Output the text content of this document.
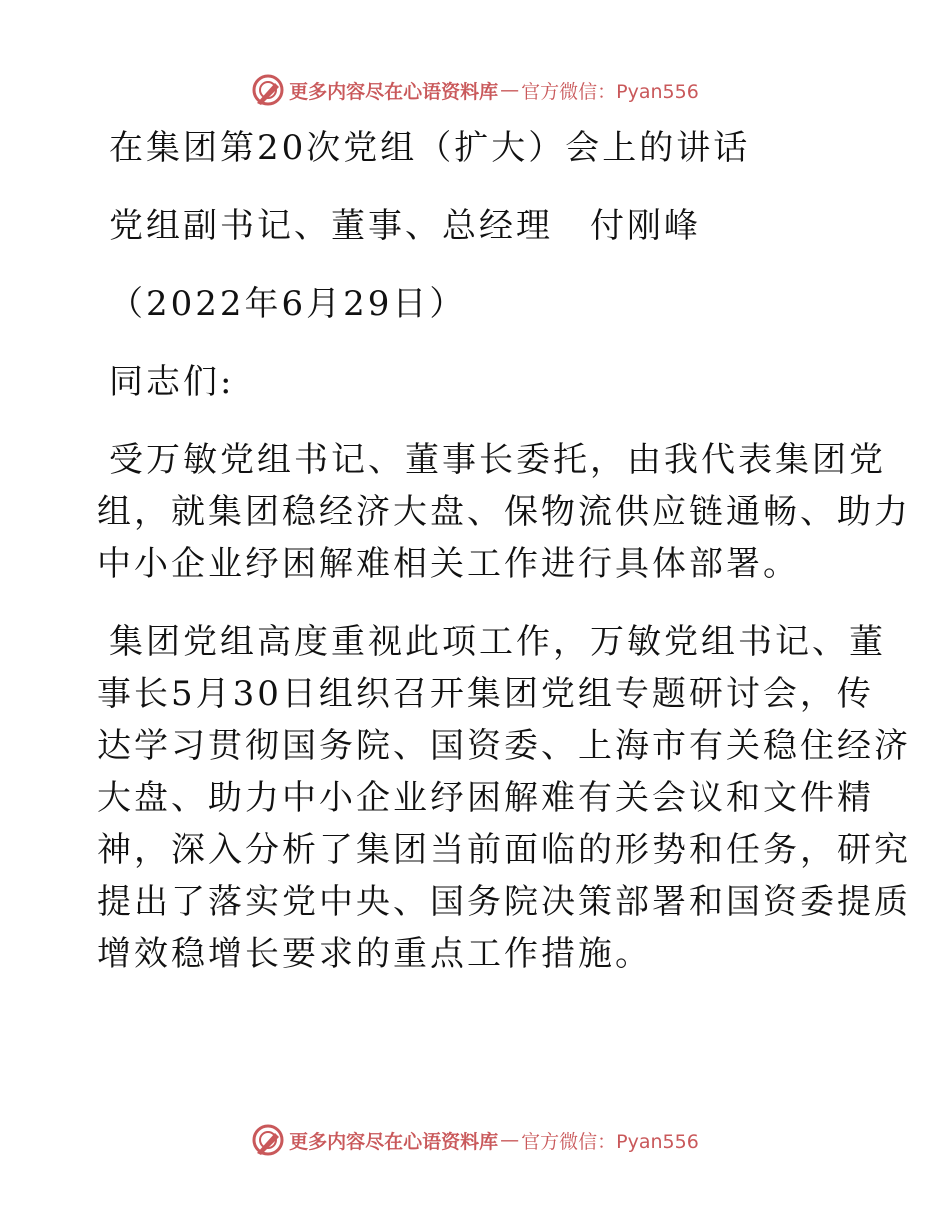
更多内容尽在心语资料库 — 官方微信：Pyan556
在集团第20次党组（扩大）会上的讲话
党组副书记、董事、总经理　付刚峰
（2022年6月29日）
同志们:
受万敏党组书记、董事长委托，由我代表集团党
组，就集团稳经济大盘、保物流供应链通畅、助力
中小企业纾困解难相关工作进行具体部署。
集团党组高度重视此项工作，万敏党组书记、董
事长5月30日组织召开集团党组专题研讨会，传
达学习贯彻国务院、国资委、上海市有关稳住经济
大盘、助力中小企业纾困解难有关会议和文件精
神，深入分析了集团当前面临的形势和任务，研究
提出了落实党中央、国务院决策部署和国资委提质
增效稳增长要求的重点工作措施。
更多内容尽在心语资料库 — 官方微信：Pyan556
